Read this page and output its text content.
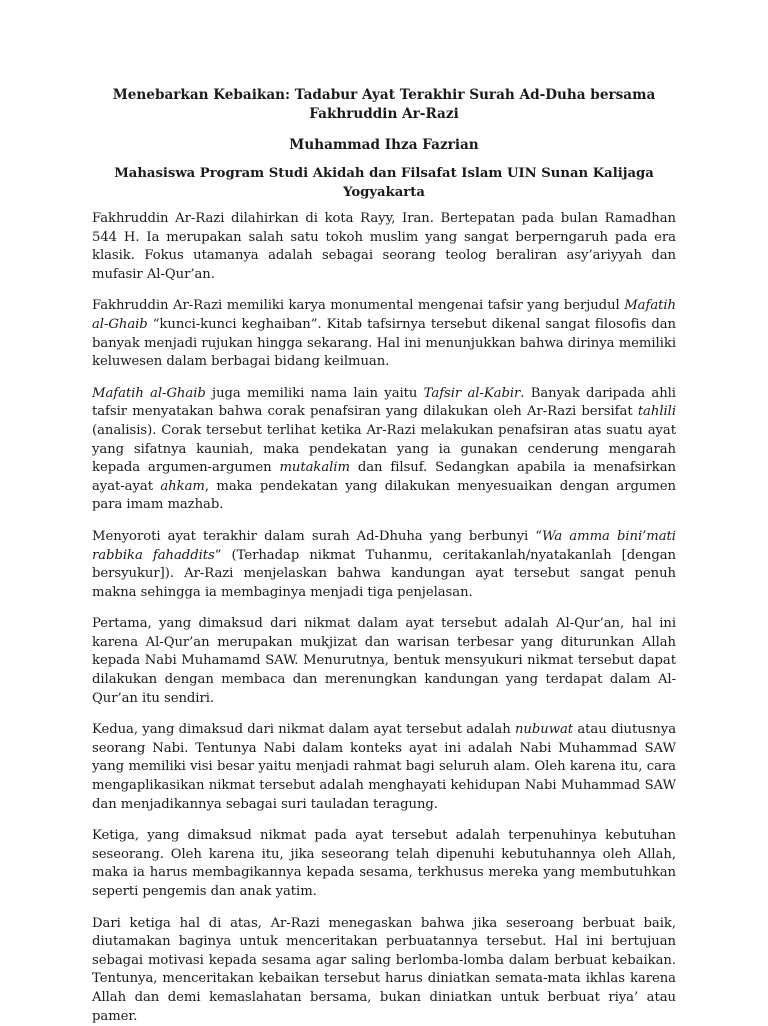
Menebarkan Kebaikan: Tadabur Ayat Terakhir Surah Ad-Duha bersama Fakhruddin Ar-Razi
Muhammad Ihza Fazrian
Mahasiswa Program Studi Akidah dan Filsafat Islam UIN Sunan Kalijaga Yogyakarta

Fakhruddin Ar-Razi dilahirkan di kota Rayy, Iran. Bertepatan pada bulan Ramadhan 544 H. Ia merupakan salah satu tokoh muslim yang sangat berperngaruh pada era klasik. Fokus utamanya adalah sebagai seorang teolog beraliran asy’ariyyah dan mufasir Al-Qur’an.

Fakhruddin Ar-Razi memiliki karya monumental mengenai tafsir yang berjudul Mafatih al-Ghaib “kunci-kunci keghaiban”. Kitab tafsirnya tersebut dikenal sangat filosofis dan banyak menjadi rujukan hingga sekarang. Hal ini menunjukkan bahwa dirinya memiliki keluwesen dalam berbagai bidang keilmuan.

Mafatih al-Ghaib juga memiliki nama lain yaitu Tafsir al-Kabir. Banyak daripada ahli tafsir menyatakan bahwa corak penafsiran yang dilakukan oleh Ar-Razi bersifat tahlili (analisis). Corak tersebut terlihat ketika Ar-Razi melakukan penafsiran atas suatu ayat yang sifatnya kauniah, maka pendekatan yang ia gunakan cenderung mengarah kepada argumen-argumen mutakalim dan filsuf. Sedangkan apabila ia menafsirkan ayat-ayat ahkam, maka pendekatan yang dilakukan menyesuaikan dengan argumen para imam mazhab.

Menyoroti ayat terakhir dalam surah Ad-Dhuha yang berbunyi “Wa amma bini’mati rabbika fahaddits” (Terhadap nikmat Tuhanmu, ceritakanlah/nyatakanlah [dengan bersyukur]). Ar-Razi menjelaskan bahwa kandungan ayat tersebut sangat penuh makna sehingga ia membaginya menjadi tiga penjelasan.

Pertama, yang dimaksud dari nikmat dalam ayat tersebut adalah Al-Qur’an, hal ini karena Al-Qur’an merupakan mukjizat dan warisan terbesar yang diturunkan Allah kepada Nabi Muhamamd SAW. Menurutnya, bentuk mensyukuri nikmat tersebut dapat dilakukan dengan membaca dan merenungkan kandungan yang terdapat dalam Al-Qur’an itu sendiri.

Kedua, yang dimaksud dari nikmat dalam ayat tersebut adalah nubuwat atau diutusnya seorang Nabi. Tentunya Nabi dalam konteks ayat ini adalah Nabi Muhammad SAW yang memiliki visi besar yaitu menjadi rahmat bagi seluruh alam. Oleh karena itu, cara mengaplikasikan nikmat tersebut adalah menghayati kehidupan Nabi Muhammad SAW dan menjadikannya sebagai suri tauladan teragung.

Ketiga, yang dimaksud nikmat pada ayat tersebut adalah terpenuhinya kebutuhan seseorang. Oleh karena itu, jika seseorang telah dipenuhi kebutuhannya oleh Allah, maka ia harus membagikannya kepada sesama, terkhusus mereka yang membutuhkan seperti pengemis dan anak yatim.

Dari ketiga hal di atas, Ar-Razi menegaskan bahwa jika seseroang berbuat baik, diutamakan baginya untuk menceritakan perbuatannya tersebut. Hal ini bertujuan sebagai motivasi kepada sesama agar saling berlomba-lomba dalam berbuat kebaikan. Tentunya, menceritakan kebaikan tersebut harus diniatkan semata-mata ikhlas karena Allah dan demi kemaslahatan bersama, bukan diniatkan untuk berbuat riya’ atau pamer.
